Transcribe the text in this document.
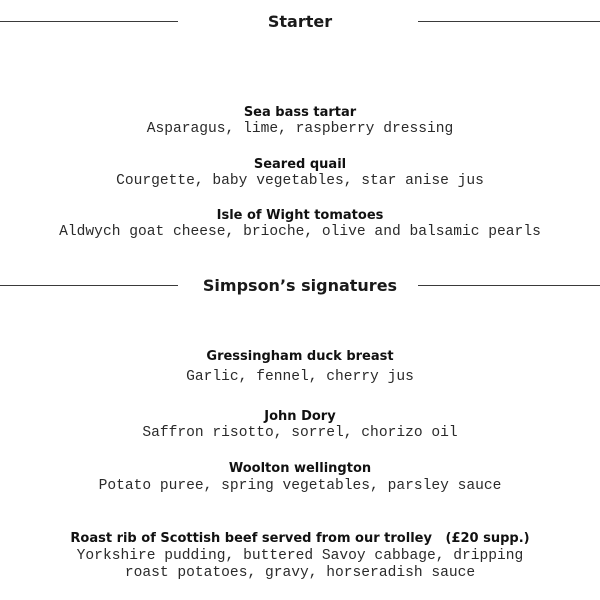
Starter
Sea bass tartar
Asparagus, lime, raspberry dressing
Seared quail
Courgette, baby vegetables, star anise jus
Isle of Wight tomatoes
Aldwych goat cheese, brioche, olive and balsamic pearls
Simpson’s signatures
Gressingham duck breast
Garlic, fennel, cherry jus
John Dory
Saffron risotto, sorrel, chorizo oil
Woolton wellington
Potato puree, spring vegetables, parsley sauce
Roast rib of Scottish beef served from our trolley   (£20 supp.)
Yorkshire pudding, buttered Savoy cabbage, dripping
roast potatoes, gravy, horseradish sauce
